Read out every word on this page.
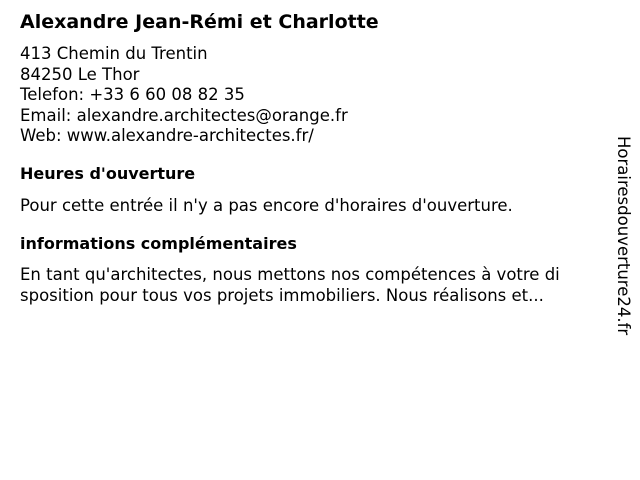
Alexandre Jean-Rémi et Charlotte
413 Chemin du Trentin
84250 Le Thor
Telefon: +33 6 60 08 82 35
Email: alexandre.architectes@orange.fr
Web: www.alexandre-architectes.fr/
Heures d'ouverture
Pour cette entrée il n'y a pas encore d'horaires d'ouverture.
informations complémentaires
En tant qu'architectes, nous mettons nos compétences à votre di
sposition pour tous vos projets immobiliers. Nous réalisons et...	Horairesdouverture24.fr
